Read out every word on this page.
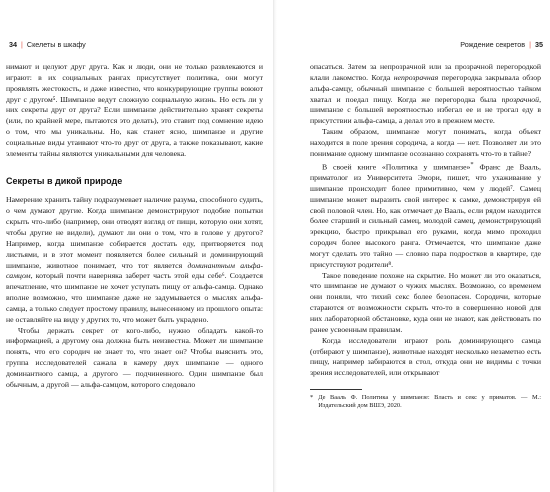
34 | Скелеты в шкафу

нимают и целуют друг друга. Как и люди, они не только развлекаются и играют: в их социальных рангах присутствует политика, они могут проявлять жестокость, и даже известно, что конкурирующие группы воюют друг с другом⁵. Шимпанзе ведут сложную социальную жизнь. Но есть ли у них секреты друг от друга? Если шимпанзе действительно хранят секреты (или, по крайней мере, пытаются это делать), это ставит под сомнение идею о том, что мы уникальны. Но, как станет ясно, шимпанзе и другие социальные виды утаивают что-то друг от друга, а также показывают, какие элементы тайны являются уникальными для человека.

Секреты в дикой природе

Намерение хранить тайну подразумевает наличие разума, способного судить, о чем думают другие. Когда шимпанзе демонстрируют подобие попытки скрыть что-либо (например, они отводят взгляд от пищи, которую они хотят, чтобы другие не видели), думают ли они о том, что в голове у другого? Например, когда шимпанзе собирается достать еду, притворяется под листьями, и в этот момент появляется более сильный и доминирующий шимпанзе, животное понимает, что тот является доминантным альфа-самцом, который почти наверняка заберет часть этой еды себе⁶. Создается впечатление, что шимпанзе не хочет уступать пищу от альфа-самца. Однако вполне возможно, что шимпанзе даже не задумывается о мыслях альфа-самца, а только следует простому правилу, вынесенному из прошлого опыта: не оставляйте на виду у других то, что может быть украдено.

Чтобы держать секрет от кого-либо, нужно обладать какой-то информацией, а другому она должна быть неизвестна. Может ли шимпанзе понять, что его сородич не знает то, что знает он? Чтобы выяснить это, группа исследователей сажала в камеру двух шимпанзе — одного доминантного самца, а другого — подчиненного. Один шимпанзе был обычным, а другой — альфа-самцом, которого следовало

Рождение секретов | 35

опасаться. Затем за непрозрачной или за прозрачной перегородкой клали лакомство. Когда непрозрачная перегородка закрывала обзор альфа-самцу, обычный шимпанзе с большей вероятностью тайком хватал и поедал пищу. Когда же перегородка была прозрачной, шимпанзе с большей вероятностью избегал ее и не трогал еду в присутствии альфа-самца, а делал это в прежнем месте.

Таким образом, шимпанзе могут понимать, когда объект находится в поле зрения сородича, а когда — нет. Позволяет ли это понимание одному шимпанзе осознанно сохранять что-то в тайне?

В своей книге «Политика у шимпанзе»* Франс де Вааль, приматолог из Университета Эмори, пишет, что ухаживание у шимпанзе происходит более примитивно, чем у людей⁷. Самец шимпанзе может выразить свой интерес к самке, демонстрируя ей свой половой член. Но, как отмечает де Вааль, если рядом находится более старший и сильный самец, молодой самец, демонстрирующий эрекцию, быстро прикрывал его руками, когда мимо проходил сородич более высокого ранга. Отмечается, что шимпанзе даже могут сделать это тайно — словно пара подростков в квартире, где присутствуют родители⁸.

Такое поведение похоже на скрытие. Но может ли это оказаться, что шимпанзе не думают о чужих мыслях. Возможно, со временем они поняли, что тихий секс более безопасен. Сородичи, которые стараются от возможности скрыть что-то в совершенно новой для них лабораторной обстановке, куда они не знают, как действовать по ранее усвоенным правилам.

Когда исследователи играют роль доминирующего самца (отбирают у шимпанзе), животные находят несколько незаметно есть пищу, например забираются в стол, откуда они не видимы с точки зрения исследователей, или открывают

* Де Вааль Ф. Политика у шимпанзе: Власть и секс у приматов. — М.: Издательский дом ВШЭ, 2020.
